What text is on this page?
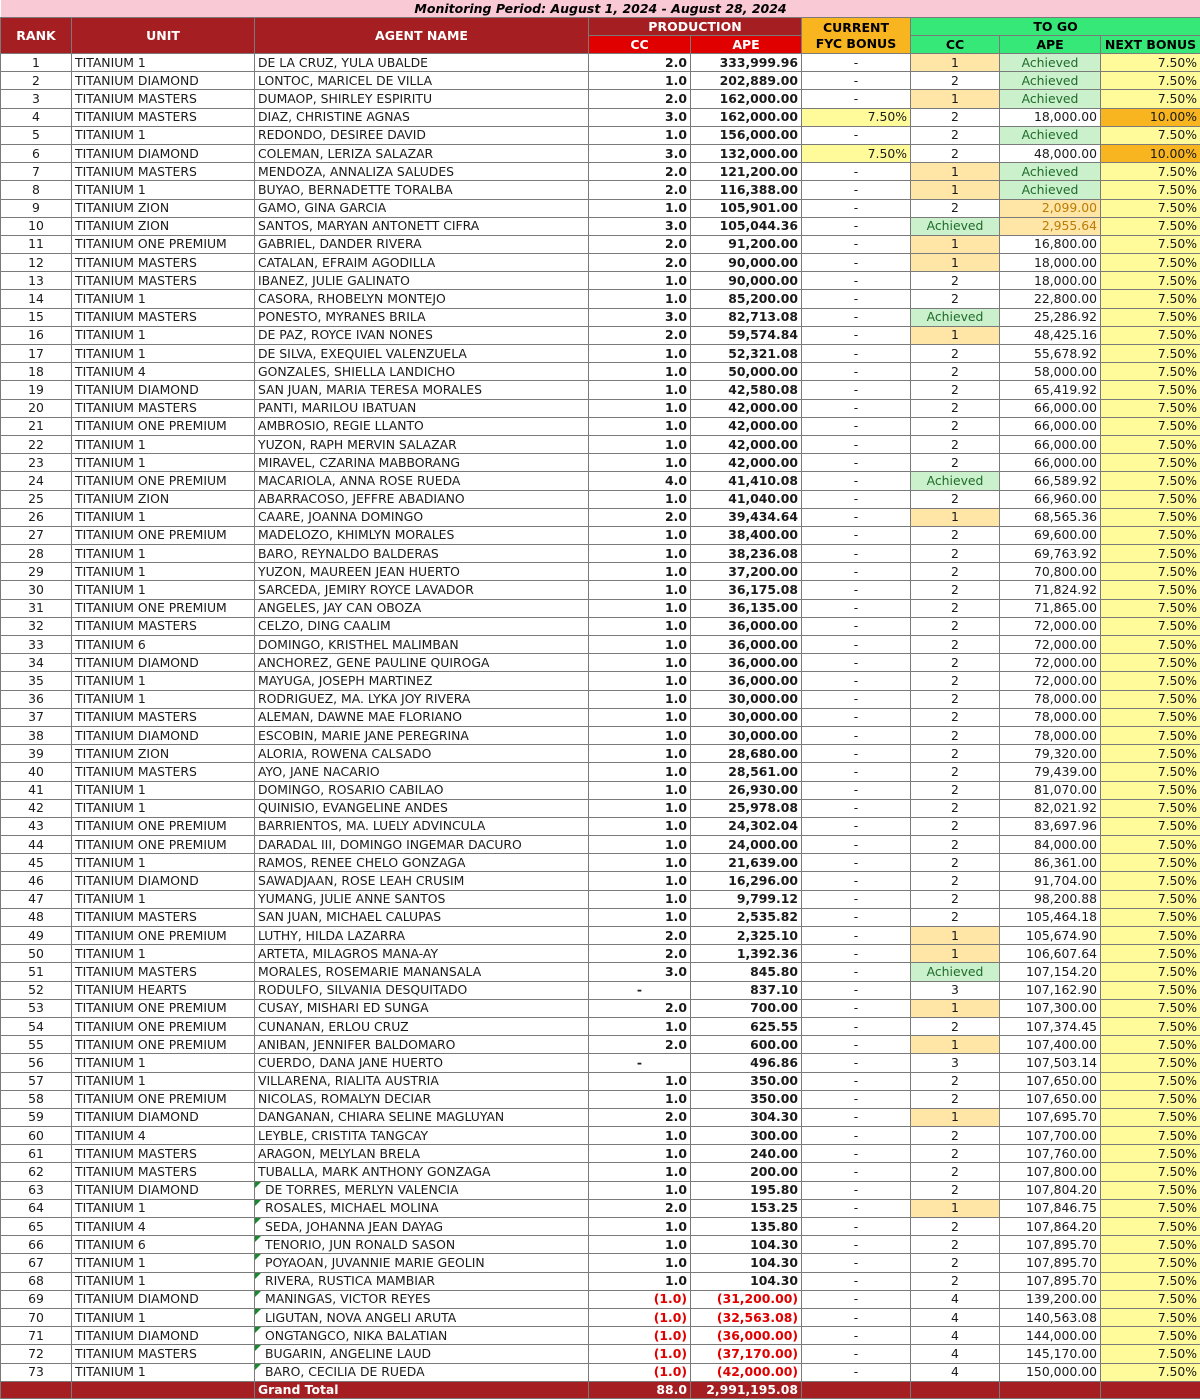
Monitoring Period: August 1, 2024 - August 28, 2024								
RANK	UNIT	AGENT NAME	PRODUCTION		CURRENT
FYC BONUS	TO GO		
			CC	APE		CC	APE	NEXT BONUS
1	TITANIUM 1	DE LA CRUZ, YULA UBALDE	2.0	333,999.96	-	1	Achieved	7.50%
2	TITANIUM DIAMOND	LONTOC, MARICEL DE VILLA	1.0	202,889.00	-	2	Achieved	7.50%
3	TITANIUM MASTERS	DUMAOP, SHIRLEY ESPIRITU	2.0	162,000.00	-	1	Achieved	7.50%
4	TITANIUM MASTERS	DIAZ, CHRISTINE AGNAS	3.0	162,000.00	7.50%	2	18,000.00	10.00%
5	TITANIUM 1	REDONDO, DESIREE DAVID	1.0	156,000.00	-	2	Achieved	7.50%
6	TITANIUM DIAMOND	COLEMAN, LERIZA SALAZAR	3.0	132,000.00	7.50%	2	48,000.00	10.00%
7	TITANIUM MASTERS	MENDOZA, ANNALIZA SALUDES	2.0	121,200.00	-	1	Achieved	7.50%
8	TITANIUM 1	BUYAO, BERNADETTE TORALBA	2.0	116,388.00	-	1	Achieved	7.50%
9	TITANIUM ZION	GAMO, GINA GARCIA	1.0	105,901.00	-	2	2,099.00	7.50%
10	TITANIUM ZION	SANTOS, MARYAN ANTONETT CIFRA	3.0	105,044.36	-	Achieved	2,955.64	7.50%
11	TITANIUM ONE PREMIUM	GABRIEL, DANDER RIVERA	2.0	91,200.00	-	1	16,800.00	7.50%
12	TITANIUM MASTERS	CATALAN, EFRAIM AGODILLA	2.0	90,000.00	-	1	18,000.00	7.50%
13	TITANIUM MASTERS	IBANEZ, JULIE GALINATO	1.0	90,000.00	-	2	18,000.00	7.50%
14	TITANIUM 1	CASORA, RHOBELYN MONTEJO	1.0	85,200.00	-	2	22,800.00	7.50%
15	TITANIUM MASTERS	PONESTO, MYRANES BRILA	3.0	82,713.08	-	Achieved	25,286.92	7.50%
16	TITANIUM 1	DE PAZ, ROYCE IVAN NONES	2.0	59,574.84	-	1	48,425.16	7.50%
17	TITANIUM 1	DE SILVA, EXEQUIEL VALENZUELA	1.0	52,321.08	-	2	55,678.92	7.50%
18	TITANIUM 4	GONZALES, SHIELLA LANDICHO	1.0	50,000.00	-	2	58,000.00	7.50%
19	TITANIUM DIAMOND	SAN JUAN, MARIA TERESA MORALES	1.0	42,580.08	-	2	65,419.92	7.50%
20	TITANIUM MASTERS	PANTI, MARILOU IBATUAN	1.0	42,000.00	-	2	66,000.00	7.50%
21	TITANIUM ONE PREMIUM	AMBROSIO, REGIE LLANTO	1.0	42,000.00	-	2	66,000.00	7.50%
22	TITANIUM 1	YUZON, RAPH MERVIN SALAZAR	1.0	42,000.00	-	2	66,000.00	7.50%
23	TITANIUM 1	MIRAVEL, CZARINA MABBORANG	1.0	42,000.00	-	2	66,000.00	7.50%
24	TITANIUM ONE PREMIUM	MACARIOLA, ANNA ROSE RUEDA	4.0	41,410.08	-	Achieved	66,589.92	7.50%
25	TITANIUM ZION	ABARRACOSO, JEFFRE ABADIANO	1.0	41,040.00	-	2	66,960.00	7.50%
26	TITANIUM 1	CAARE, JOANNA DOMINGO	2.0	39,434.64	-	1	68,565.36	7.50%
27	TITANIUM ONE PREMIUM	MADELOZO, KHIMLYN MORALES	1.0	38,400.00	-	2	69,600.00	7.50%
28	TITANIUM 1	BARO, REYNALDO BALDERAS	1.0	38,236.08	-	2	69,763.92	7.50%
29	TITANIUM 1	YUZON, MAUREEN JEAN HUERTO	1.0	37,200.00	-	2	70,800.00	7.50%
30	TITANIUM 1	SARCEDA, JEMIRY ROYCE LAVADOR	1.0	36,175.08	-	2	71,824.92	7.50%
31	TITANIUM ONE PREMIUM	ANGELES, JAY CAN OBOZA	1.0	36,135.00	-	2	71,865.00	7.50%
32	TITANIUM MASTERS	CELZO, DING CAALIM	1.0	36,000.00	-	2	72,000.00	7.50%
33	TITANIUM 6	DOMINGO, KRISTHEL MALIMBAN	1.0	36,000.00	-	2	72,000.00	7.50%
34	TITANIUM DIAMOND	ANCHOREZ, GENE PAULINE QUIROGA	1.0	36,000.00	-	2	72,000.00	7.50%
35	TITANIUM 1	MAYUGA, JOSEPH MARTINEZ	1.0	36,000.00	-	2	72,000.00	7.50%
36	TITANIUM 1	RODRIGUEZ, MA. LYKA JOY RIVERA	1.0	30,000.00	-	2	78,000.00	7.50%
37	TITANIUM MASTERS	ALEMAN, DAWNE MAE FLORIANO	1.0	30,000.00	-	2	78,000.00	7.50%
38	TITANIUM DIAMOND	ESCOBIN, MARIE JANE PEREGRINA	1.0	30,000.00	-	2	78,000.00	7.50%
39	TITANIUM ZION	ALORIA, ROWENA CALSADO	1.0	28,680.00	-	2	79,320.00	7.50%
40	TITANIUM MASTERS	AYO, JANE NACARIO	1.0	28,561.00	-	2	79,439.00	7.50%
41	TITANIUM 1	DOMINGO, ROSARIO CABILAO	1.0	26,930.00	-	2	81,070.00	7.50%
42	TITANIUM 1	QUINISIO, EVANGELINE ANDES	1.0	25,978.08	-	2	82,021.92	7.50%
43	TITANIUM ONE PREMIUM	BARRIENTOS, MA. LUELY ADVINCULA	1.0	24,302.04	-	2	83,697.96	7.50%
44	TITANIUM ONE PREMIUM	DARADAL III, DOMINGO INGEMAR DACURO	1.0	24,000.00	-	2	84,000.00	7.50%
45	TITANIUM 1	RAMOS, RENEE CHELO GONZAGA	1.0	21,639.00	-	2	86,361.00	7.50%
46	TITANIUM DIAMOND	SAWADJAAN, ROSE LEAH CRUSIM	1.0	16,296.00	-	2	91,704.00	7.50%
47	TITANIUM 1	YUMANG, JULIE ANNE SANTOS	1.0	9,799.12	-	2	98,200.88	7.50%
48	TITANIUM MASTERS	SAN JUAN, MICHAEL CALUPAS	1.0	2,535.82	-	2	105,464.18	7.50%
49	TITANIUM ONE PREMIUM	LUTHY, HILDA LAZARRA	2.0	2,325.10	-	1	105,674.90	7.50%
50	TITANIUM 1	ARTETA, MILAGROS MANA-AY	2.0	1,392.36	-	1	106,607.64	7.50%
51	TITANIUM MASTERS	MORALES, ROSEMARIE MANANSALA	3.0	845.80	-	Achieved	107,154.20	7.50%
52	TITANIUM HEARTS	RODULFO, SILVANIA DESQUITADO	-	837.10	-	3	107,162.90	7.50%
53	TITANIUM ONE PREMIUM	CUSAY, MISHARI ED SUNGA	2.0	700.00	-	1	107,300.00	7.50%
54	TITANIUM ONE PREMIUM	CUNANAN, ERLOU CRUZ	1.0	625.55	-	2	107,374.45	7.50%
55	TITANIUM ONE PREMIUM	ANIBAN, JENNIFER BALDOMARO	2.0	600.00	-	1	107,400.00	7.50%
56	TITANIUM 1	CUERDO, DANA JANE HUERTO	-	496.86	-	3	107,503.14	7.50%
57	TITANIUM 1	VILLARENA, RIALITA AUSTRIA	1.0	350.00	-	2	107,650.00	7.50%
58	TITANIUM ONE PREMIUM	NICOLAS, ROMALYN DECIAR	1.0	350.00	-	2	107,650.00	7.50%
59	TITANIUM DIAMOND	DANGANAN, CHIARA SELINE MAGLUYAN	2.0	304.30	-	1	107,695.70	7.50%
60	TITANIUM 4	LEYBLE, CRISTITA TANGCAY	1.0	300.00	-	2	107,700.00	7.50%
61	TITANIUM MASTERS	ARAGON, MELYLAN BRELA	1.0	240.00	-	2	107,760.00	7.50%
62	TITANIUM MASTERS	TUBALLA, MARK ANTHONY GONZAGA	1.0	200.00	-	2	107,800.00	7.50%
63	TITANIUM DIAMOND	DE TORRES, MERLYN VALENCIA	1.0	195.80	-	2	107,804.20	7.50%
64	TITANIUM 1	ROSALES, MICHAEL MOLINA	2.0	153.25	-	1	107,846.75	7.50%
65	TITANIUM 4	SEDA, JOHANNA JEAN DAYAG	1.0	135.80	-	2	107,864.20	7.50%
66	TITANIUM 6	TENORIO, JUN RONALD SASON	1.0	104.30	-	2	107,895.70	7.50%
67	TITANIUM 1	POYAOAN, JUVANNIE MARIE GEOLIN	1.0	104.30	-	2	107,895.70	7.50%
68	TITANIUM 1	RIVERA, RUSTICA MAMBIAR	1.0	104.30	-	2	107,895.70	7.50%
69	TITANIUM DIAMOND	MANINGAS, VICTOR REYES	(1.0)	(31,200.00)	-	4	139,200.00	7.50%
70	TITANIUM 1	LIGUTAN, NOVA ANGELI ARUTA	(1.0)	(32,563.08)	-	4	140,563.08	7.50%
71	TITANIUM DIAMOND	ONGTANGCO, NIKA BALATIAN	(1.0)	(36,000.00)	-	4	144,000.00	7.50%
72	TITANIUM MASTERS	BUGARIN, ANGELINE LAUD	(1.0)	(37,170.00)	-	4	145,170.00	7.50%
73	TITANIUM 1	BARO, CECILIA DE RUEDA	(1.0)	(42,000.00)	-	4	150,000.00	7.50%
		Grand Total	88.0	2,991,195.08				
